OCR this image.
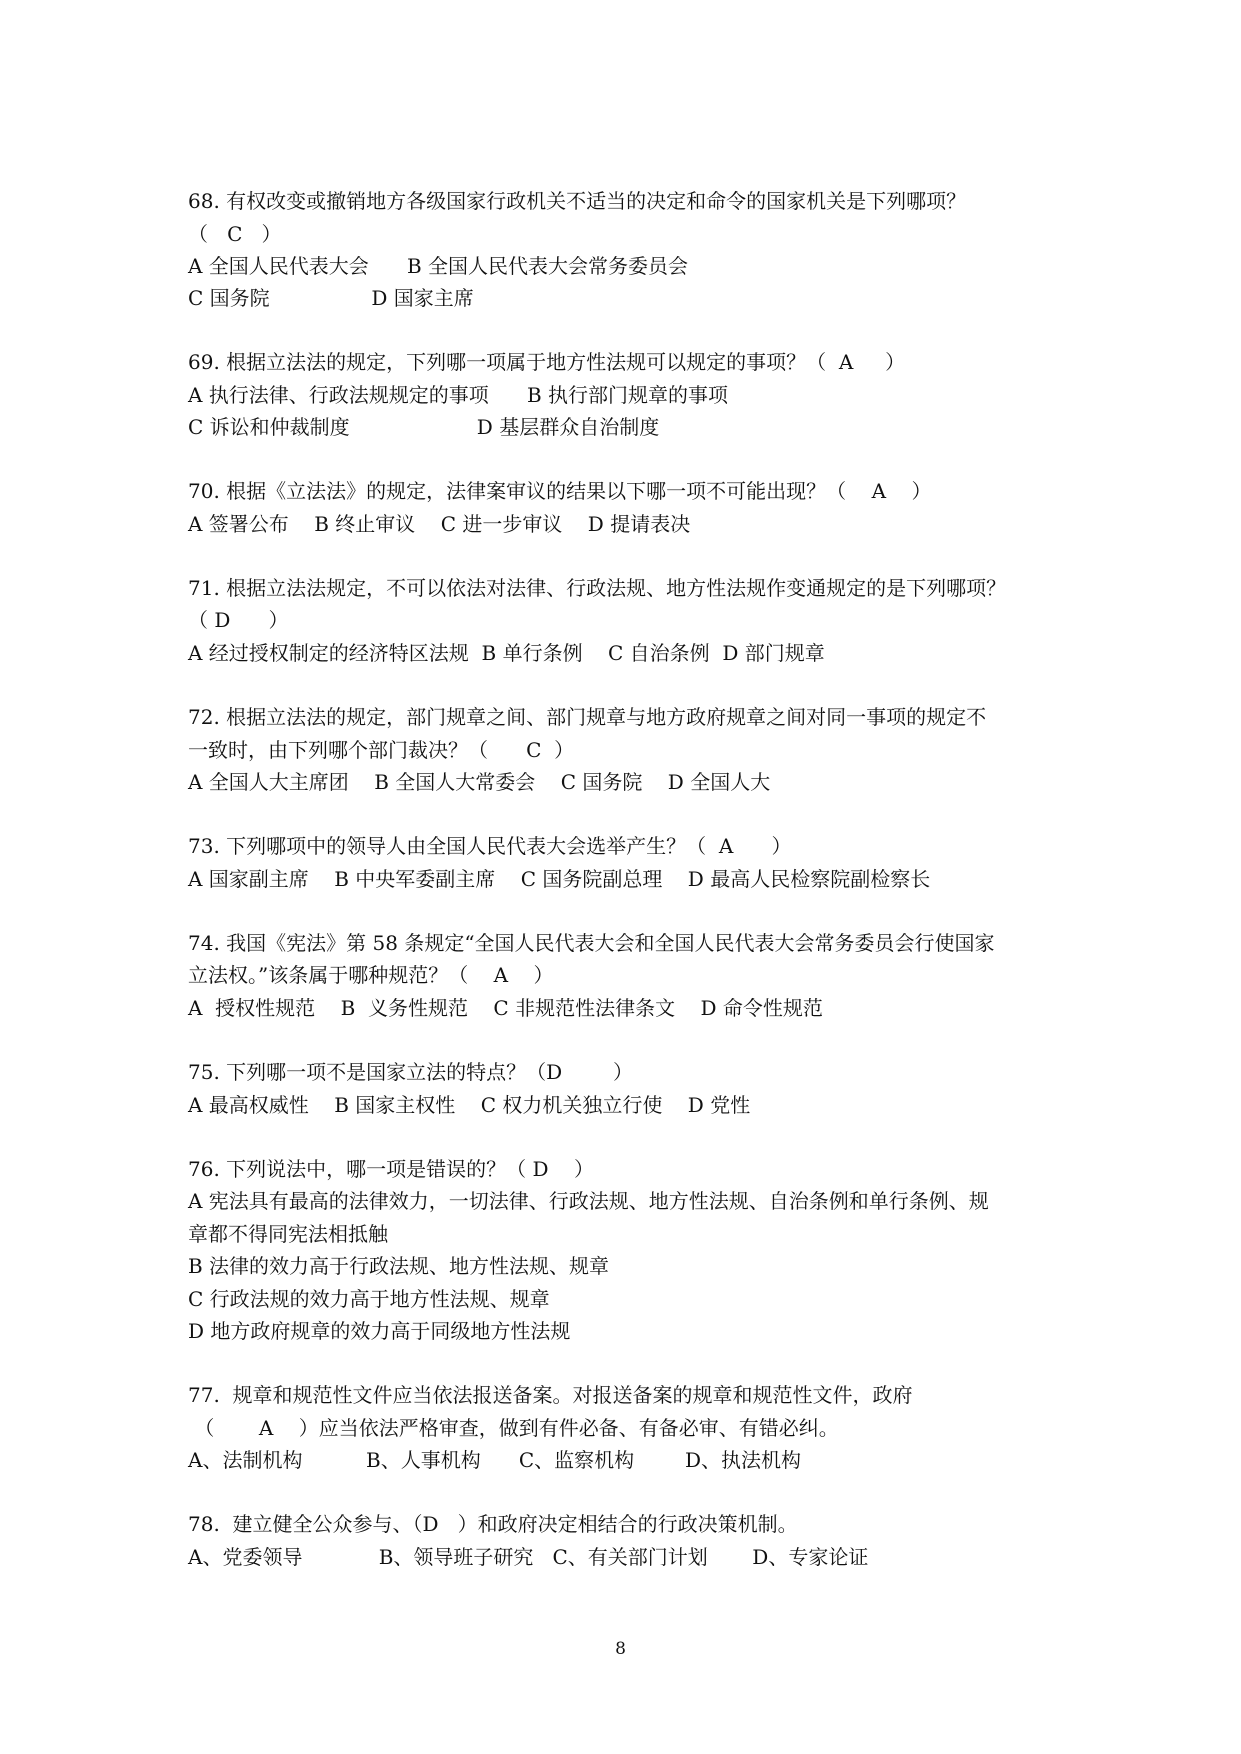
68. 有权改变或撤销地方各级国家行政机关不适当的决定和命令的国家机关是下列哪项？
（   C   ）
A 全国人民代表大会      B 全国人民代表大会常务委员会
C 国务院                D 国家主席
69. 根据立法法的规定，下列哪一项属于地方性法规可以规定的事项？（  A     ）
A 执行法律、行政法规规定的事项      B 执行部门规章的事项
C 诉讼和仲裁制度                    D 基层群众自治制度
70. 根据《立法法》的规定，法律案审议的结果以下哪一项不可能出现？（    A    ）
A 签署公布    B 终止审议    C 进一步审议    D 提请表决
71. 根据立法法规定，不可以依法对法律、行政法规、地方性法规作变通规定的是下列哪项？
（ D      ）
A 经过授权制定的经济特区法规  B 单行条例    C 自治条例  D 部门规章
72. 根据立法法的规定，部门规章之间、部门规章与地方政府规章之间对同一事项的规定不
一致时，由下列哪个部门裁决？（      C  ）
A 全国人大主席团    B 全国人大常委会    C 国务院    D 全国人大
73. 下列哪项中的领导人由全国人民代表大会选举产生？（  A      ）
A 国家副主席    B 中央军委副主席    C 国务院副总理    D 最高人民检察院副检察长
74. 我国《宪法》第 58 条规定“全国人民代表大会和全国人民代表大会常务委员会行使国家
立法权。”该条属于哪种规范？（    A    ）
A  授权性规范    B  义务性规范    C 非规范性法律条文    D 命令性规范
75. 下列哪一项不是国家立法的特点？（D        ）
A 最高权威性    B 国家主权性    C 权力机关独立行使    D 党性
76. 下列说法中，哪一项是错误的？（ D    ）
A 宪法具有最高的法律效力，一切法律、行政法规、地方性法规、自治条例和单行条例、规
章都不得同宪法相抵触
B 法律的效力高于行政法规、地方性法规、规章
C 行政法规的效力高于地方性法规、规章
D 地方政府规章的效力高于同级地方性法规
77.  规章和规范性文件应当依法报送备案。对报送备案的规章和规范性文件，政府
（       A    ）应当依法严格审查，做到有件必备、有备必审、有错必纠。
A、法制机构          B、人事机构      C、监察机构        D、执法机构
78.  建立健全公众参与、（D   ）和政府决定相结合的行政决策机制。
A、党委领导            B、领导班子研究   C、有关部门计划       D、专家论证
8
